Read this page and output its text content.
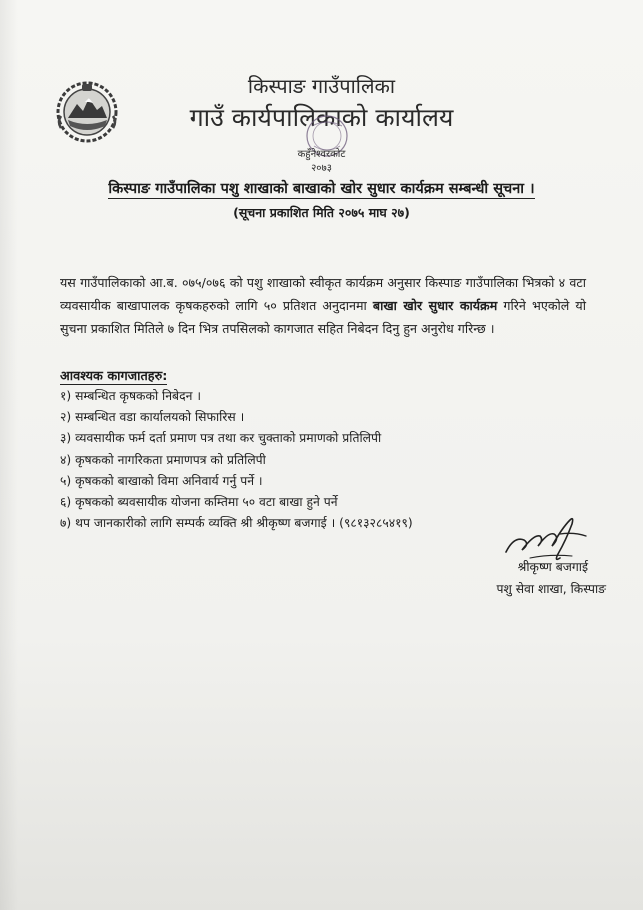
किस्पाङ गाउँपालिका
गाउँ कार्यपालिकाको कार्यालय
कहुँनेश्वरकोट
२०७३
किस्पाङ गाउँपालिका पशु शाखाको बाखाको खोर सुधार कार्यक्रम सम्बन्धी सूचना ।
(सूचना प्रकाशित मिति २०७५ माघ २७)

यस गाउँपालिकाको आ.ब. ०७५/०७६ को पशु शाखाको स्वीकृत कार्यक्रम अनुसार किस्पाङ गाउँपालिका भित्रको ४ वटा व्यवसायीक बाखापालक कृषकहरुको लागि ५० प्रतिशत अनुदानमा बाखा खोर सुधार कार्यक्रम गरिने भएकोले यो सुचना प्रकाशित मितिले ७ दिन भित्र तपसिलको कागजात सहित निबेदन दिनु हुन अनुरोध गरिन्छ ।

आवश्यक कागजातहरु:
१) सम्बन्धित कृषकको निबेदन ।
२) सम्बन्धित वडा कार्यालयको सिफारिस ।
३) व्यवसायीक फर्म दर्ता प्रमाण पत्र तथा कर चुक्ताको प्रमाणको प्रतिलिपी
४) कृषकको नागरिकता प्रमाणपत्र को प्रतिलिपी
५) कृषकको बाखाको विमा अनिवार्य गर्नु पर्ने ।
६) कृषकको ब्यवसायीक योजना कम्तिमा ५० वटा बाखा हुने पर्ने
७) थप जानकारीको लागि सम्पर्क व्यक्ति श्री श्रीकृष्ण बजगाई । (९८१३२८५४१९)
श्रीकृष्ण बजगाई
पशु सेवा शाखा, किस्पाङ
